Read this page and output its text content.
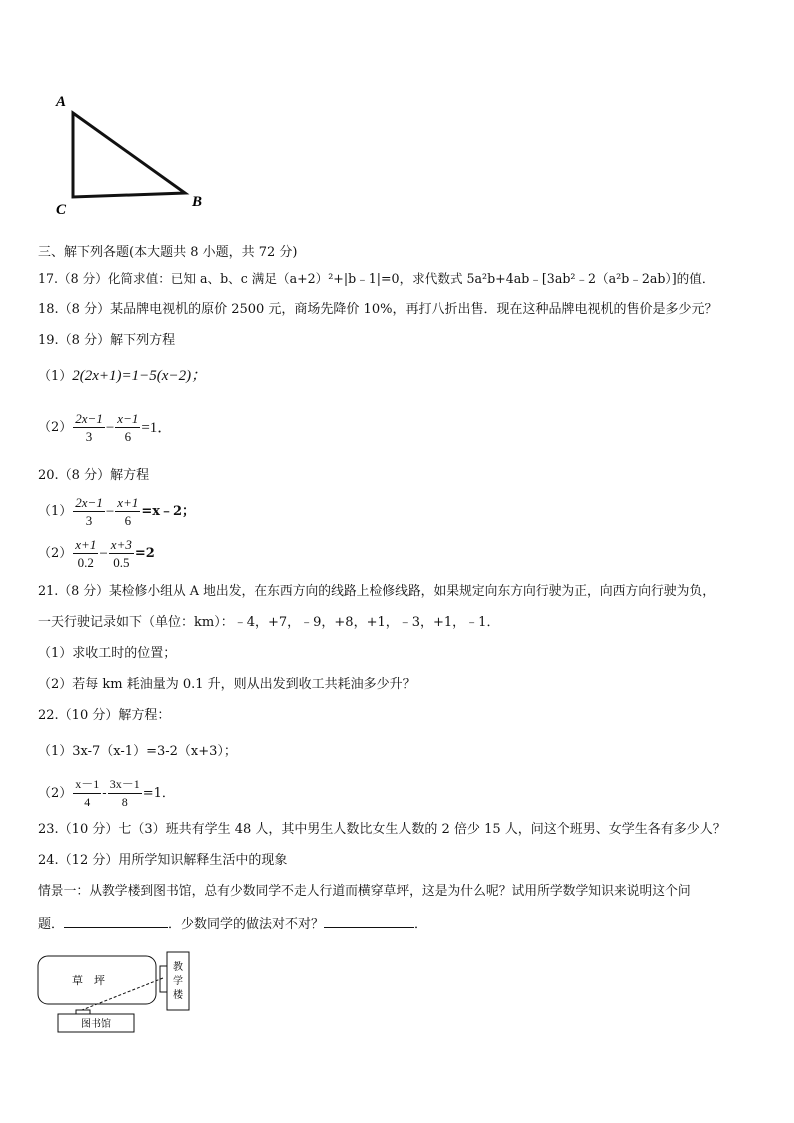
A
B
C
三、解下列各题(本大题共 8 小题，共 72 分)
17.（8 分）化简求值：已知 a、b、c 满足（a+2）²+|b﹣1|=0，求代数式 5a²b+4ab﹣[3ab²﹣2（a²b﹣2ab）]的值．
18.（8 分）某品牌电视机的原价 2500 元，商场先降价 10%，再打八折出售．现在这种品牌电视机的售价是多少元？
19.（8 分）解下列方程
（1）2(2x+1)=1−5(x−2)；
$(2) \frac{2x-1}{3} - \frac{x-1}{6} =1$．
20.（8 分）解方程
$(1) \frac{2x-1}{3} - \frac{x+1}{6}$ =x﹣2；
$(2) \frac{x+1}{0.2} - \frac{x+3}{0.5} =2$
21.（8 分）某检修小组从 A 地出发，在东西方向的线路上检修线路，如果规定向东方向行驶为正，向西方向行驶为负，
一天行驶记录如下（单位：km）：﹣4，+7，﹣9，+8，+1，﹣3，+1，﹣1．
（1）求收工时的位置；
（2）若每 km 耗油量为 0.1 升，则从出发到收工共耗油多少升？
22.（10 分）解方程：
（1）3x-7（x-1）=3-2（x+3）；
$(2) \frac{x-1}{4} - \frac{3x-1}{8} =1$．
23.（10 分）七（3）班共有学生 48 人，其中男生人数比女生人数的 2 倍少 15 人，问这个班男、女学生各有多少人？
24.（12 分）用所学知识解释生活中的现象
情景一：从教学楼到图书馆，总有少数同学不走人行道而横穿草坪，这是为什么呢？试用所学数学知识来说明这个问
题．	．少数同学的做法对不对？	．
草　坪
教 学 楼
图书馆
